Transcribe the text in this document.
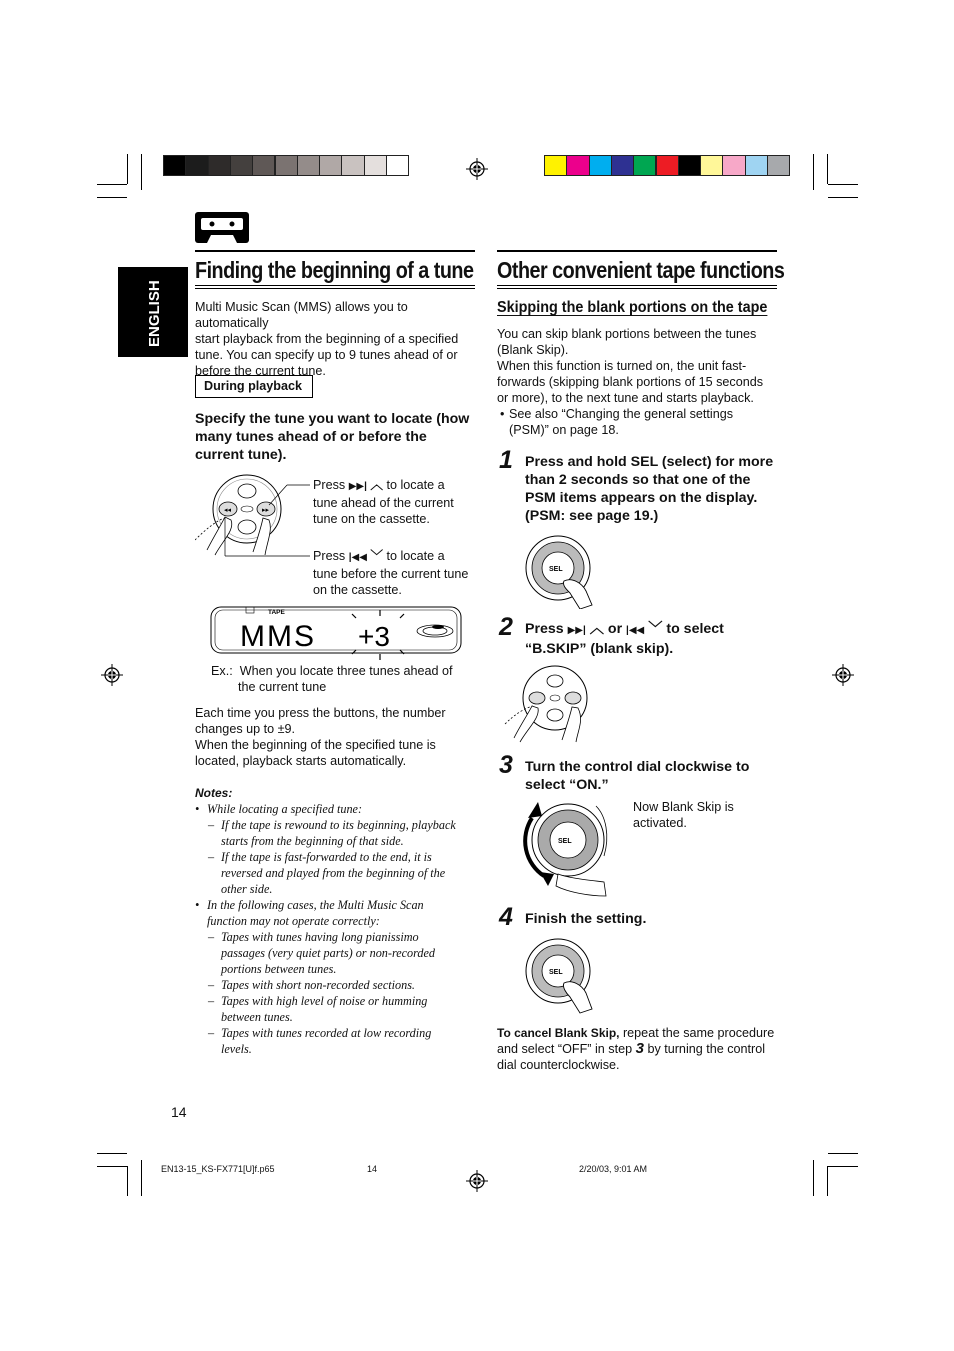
ENGLISH
Finding the beginning of a tune
Multi Music Scan (MMS) allows you to automatically
start playback from the beginning of a specified
tune. You can specify up to 9 tunes ahead of or
before the current tune.
During playback
Specify the tune you want to locate (how
many tunes ahead of or before the
current tune).
◂◂	▸▸
Press ▶▶| ︿ to locate a
tune ahead of the current
tune on the cassette.
Press |◀◀ ﹀ to locate a
tune before the current tune
on the cassette.
TAPE
MMS +3
Ex.: When you locate three tunes ahead of
the current tune
Each time you press the buttons, the number
changes up to ±9.
When the beginning of the specified tune is
located, playback starts automatically.
Notes:
• While locating a specified tune:
– If the tape is rewound to its beginning, playback
starts from the beginning of that side.
– If the tape is fast-forwarded to the end, it is
reversed and played from the beginning of the
other side.
• In the following cases, the Multi Music Scan
function may not operate correctly:
– Tapes with tunes having long pianissimo
passages (very quiet parts) or non-recorded
portions between tunes.
– Tapes with short non-recorded sections.
– Tapes with high level of noise or humming
between tunes.
– Tapes with tunes recorded at low recording
levels.
Other convenient tape functions
Skipping the blank portions on the tape
You can skip blank portions between the tunes
(Blank Skip).
When this function is turned on, the unit fast-
forwards (skipping blank portions of 15 seconds
or more), to the next tune and starts playback.
• See also “Changing the general settings
(PSM)” on page 18.
1 Press and hold SEL (select) for more
than 2 seconds so that one of the
PSM items appears on the display.
(PSM: see page 19.)
SEL
2 Press ▶▶| ︿ or |◀◀ ﹀ to select
“B.SKIP” (blank skip).
3 Turn the control dial clockwise to
select “ON.”
Now Blank Skip is
activated.
SEL
4 Finish the setting.
SEL
To cancel Blank Skip, repeat the same procedure
and select “OFF” in step 3 by turning the control
dial counterclockwise.
14
EN13-15_KS-FX771[U]f.p65	14	2/20/03, 9:01 AM
